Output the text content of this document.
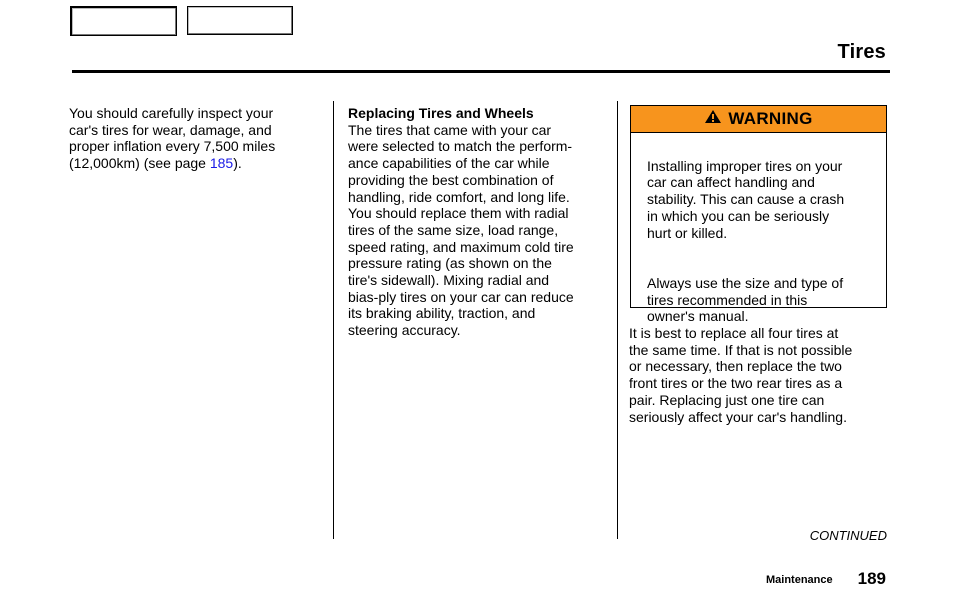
Tires
You should carefully inspect your
car's tires for wear, damage, and
proper inflation every 7,500 miles
(12,000km) (see page 185).
Replacing Tires and Wheels
The tires that came with your car
were selected to match the perform-
ance capabilities of the car while
providing the best combination of
handling, ride comfort, and long life.
You should replace them with radial
tires of the same size, load range,
speed rating, and maximum cold tire
pressure rating (as shown on the
tire's sidewall). Mixing radial and
bias-ply tires on your car can reduce
its braking ability, traction, and
steering accuracy.
WARNING

Installing improper tires on your
car can affect handling and
stability. This can cause a crash
in which you can be seriously
hurt or killed.

Always use the size and type of
tires recommended in this
owner's manual.

It is best to replace all four tires at
the same time. If that is not possible
or necessary, then replace the two
front tires or the two rear tires as a
pair. Replacing just one tire can
seriously affect your car's handling.
CONTINUED
Maintenance 189
